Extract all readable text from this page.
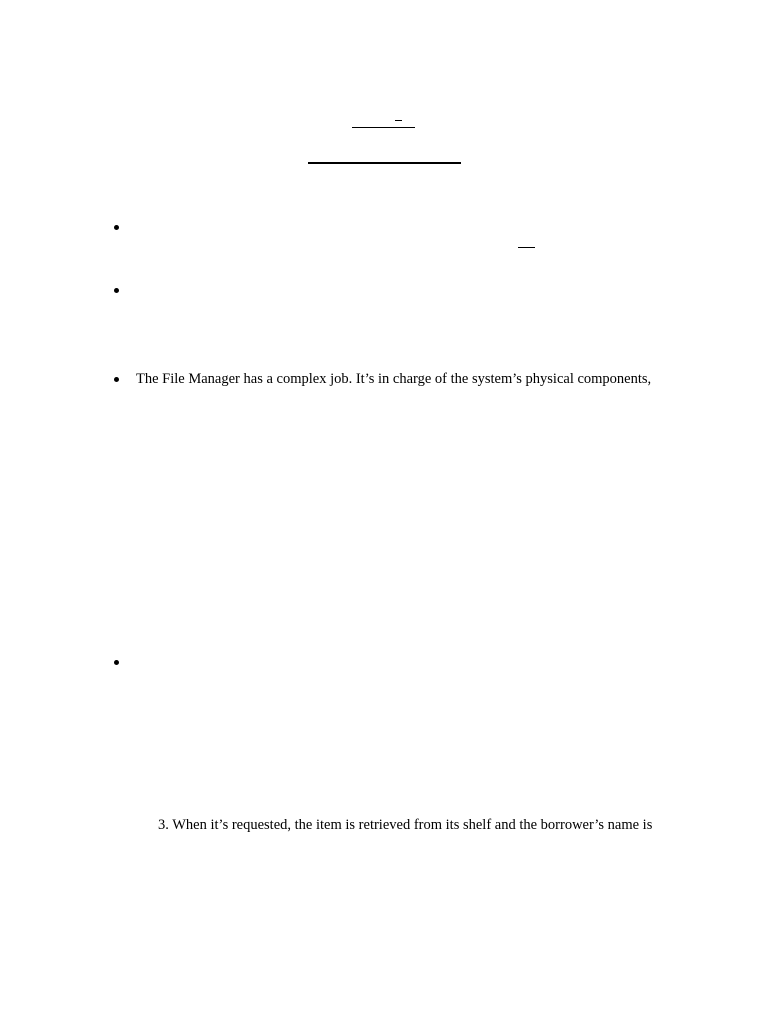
The File Manager has a complex job. It’s in charge of the system’s physical components,
3. When it’s requested, the item is retrieved from its shelf and the borrower’s name is
